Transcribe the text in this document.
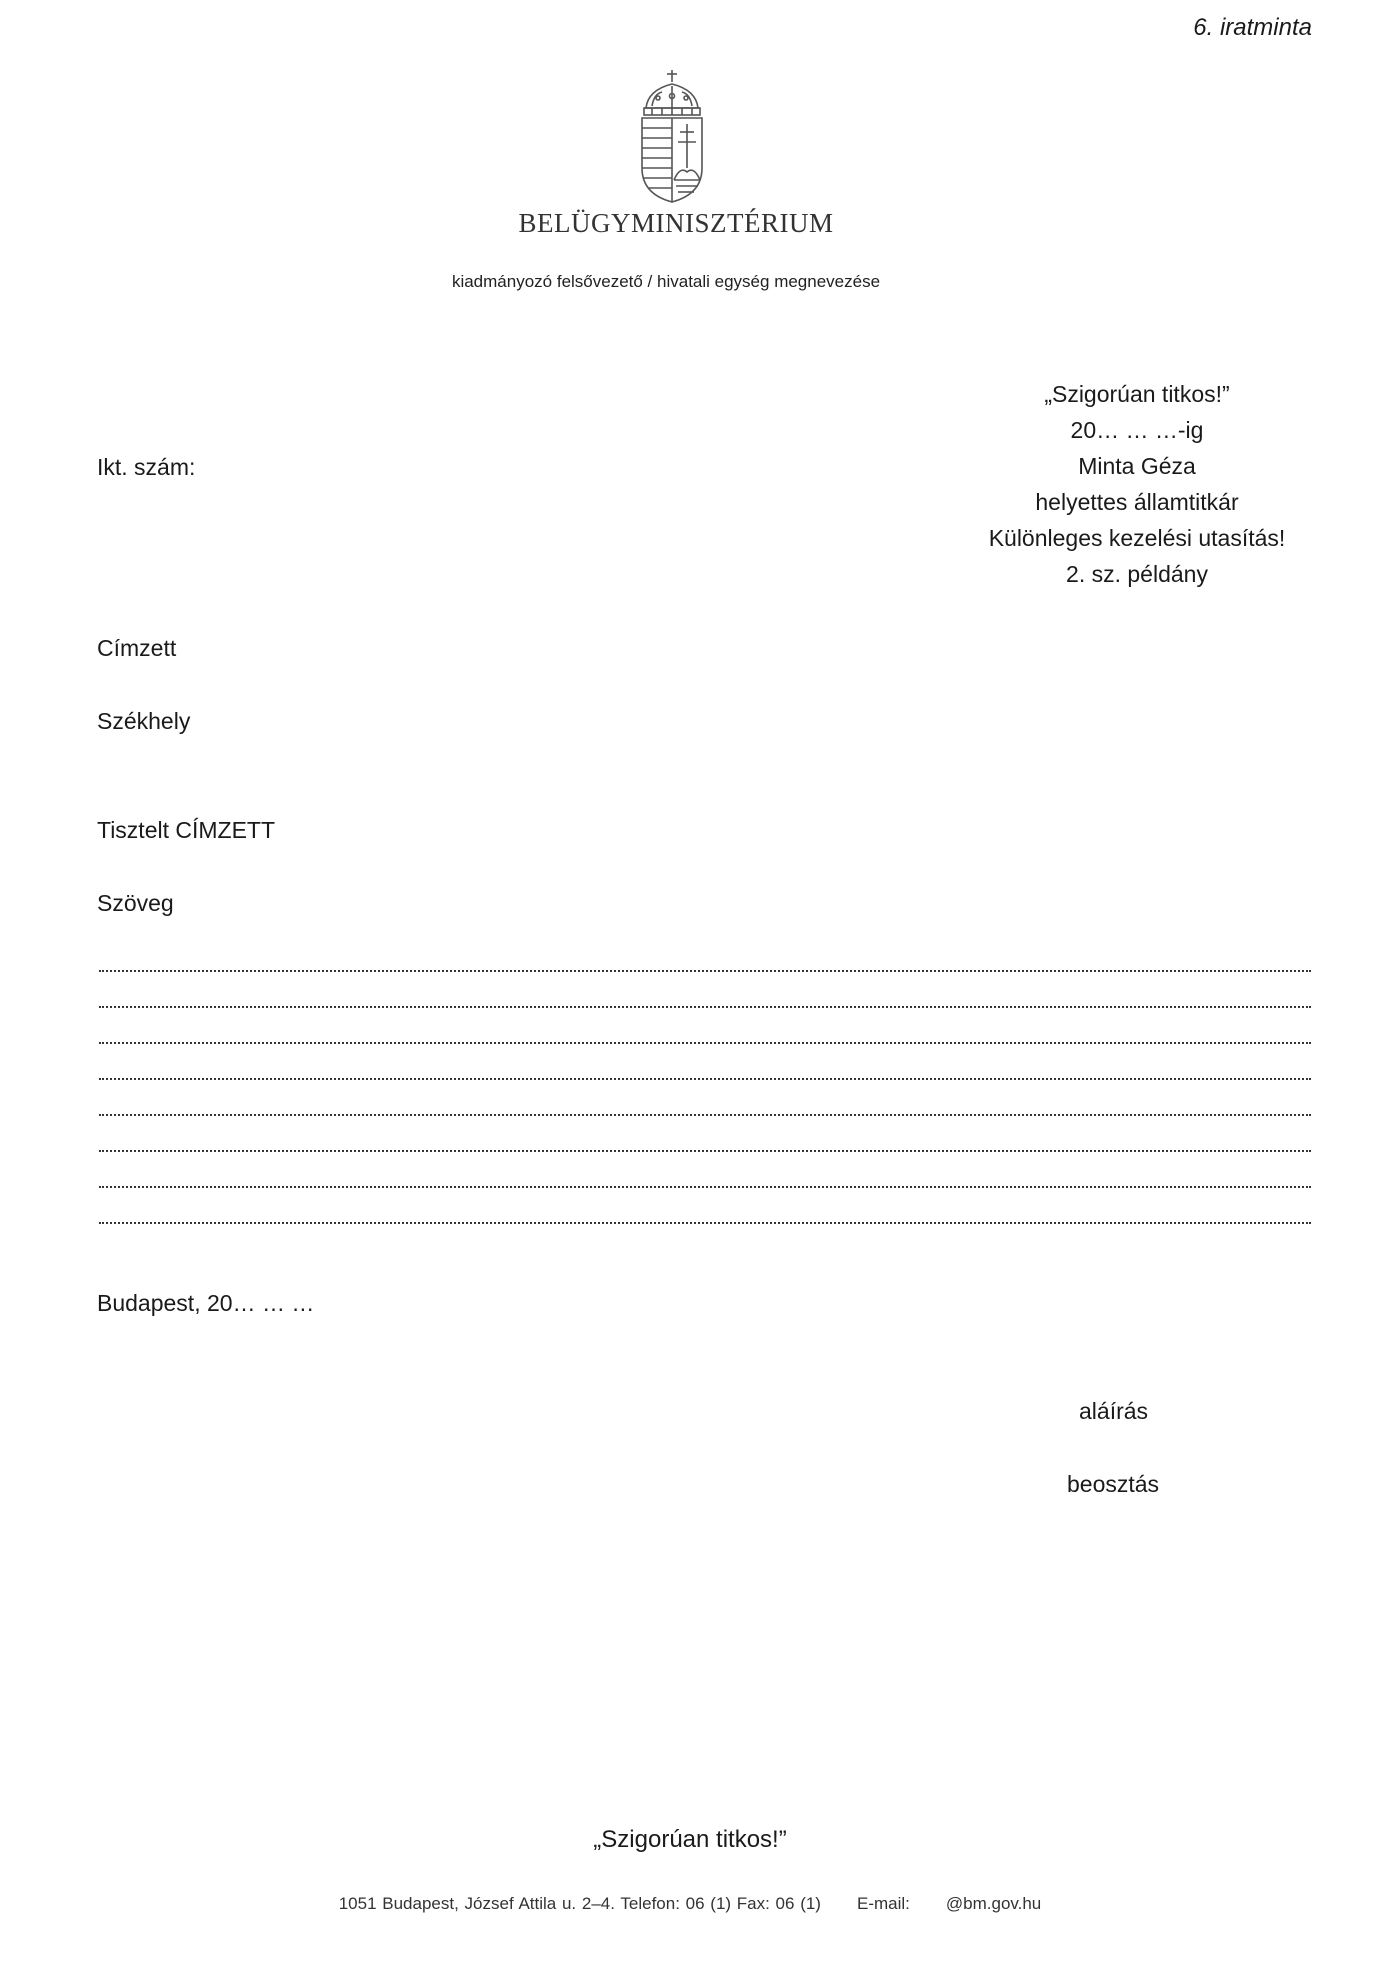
6. iratminta
BELÜGYMINISZTÉRIUM
kiadmányozó felsővezető / hivatali egység megnevezése
Ikt. szám:
„Szigorúan titkos!”
20… … …-ig
Minta Géza
helyettes államtitkár
Különleges kezelési utasítás!
2. sz. példány
Címzett
Székhely
Tisztelt CÍMZETT
Szöveg
Budapest, 20… … …
aláírás
beosztás
„Szigorúan titkos!”
1051 Budapest, József Attila u. 2–4. Telefon: 06 (1) Fax: 06 (1) E-mail: @bm.gov.hu
